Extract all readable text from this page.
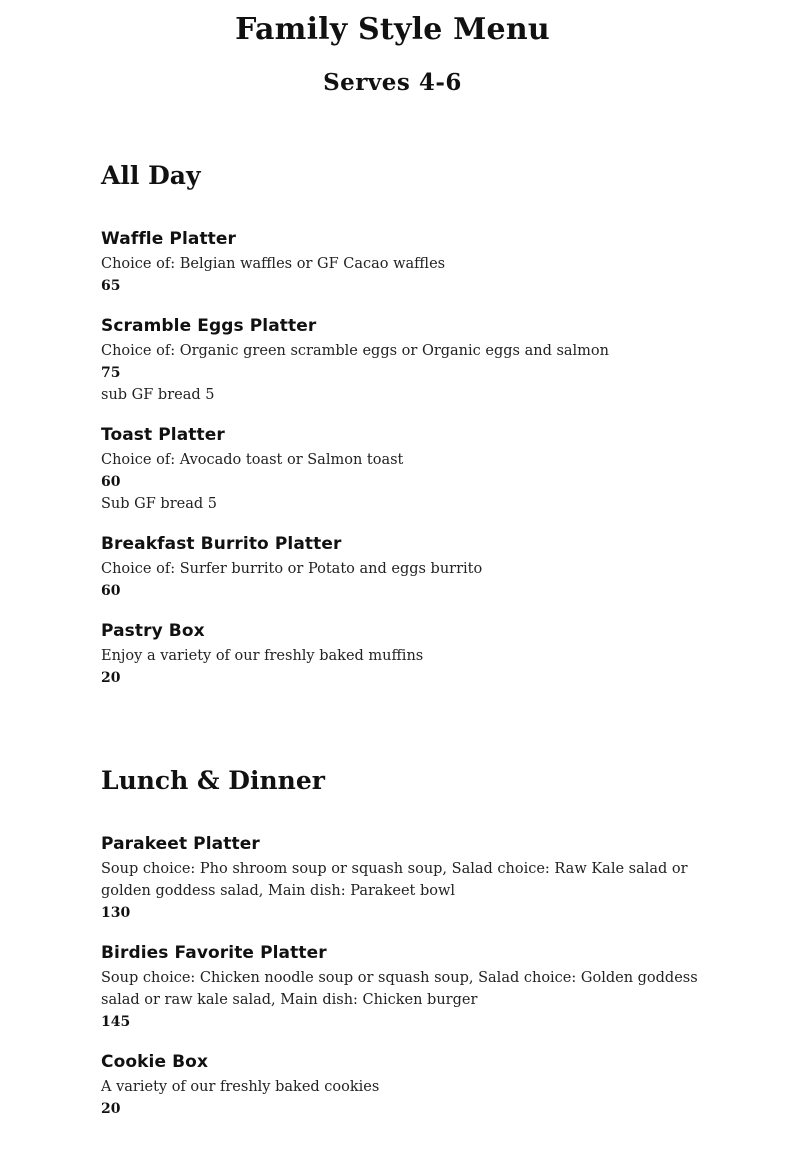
Family Style Menu
Serves 4-6
All Day

Waffle Platter

Choice of: Belgian waffles or GF Cacao waffles

65

Scramble Eggs Platter

Choice of: Organic green scramble eggs or Organic eggs and salmon

75

sub GF bread 5

Toast Platter

Choice of: Avocado toast or Salmon toast

60

Sub GF bread 5

Breakfast Burrito Platter

Choice of: Surfer burrito or Potato and eggs burrito

60

Pastry Box

Enjoy a variety of our freshly baked muffins

20

Lunch & Dinner

Parakeet Platter

Soup choice: Pho shroom soup or squash soup, Salad choice: Raw Kale salad or golden goddess salad, Main dish: Parakeet bowl

130

Birdies Favorite Platter

Soup choice: Chicken noodle soup or squash soup, Salad choice: Golden goddess salad or raw kale salad, Main dish: Chicken burger

145

Cookie Box

A variety of our freshly baked cookies

20
